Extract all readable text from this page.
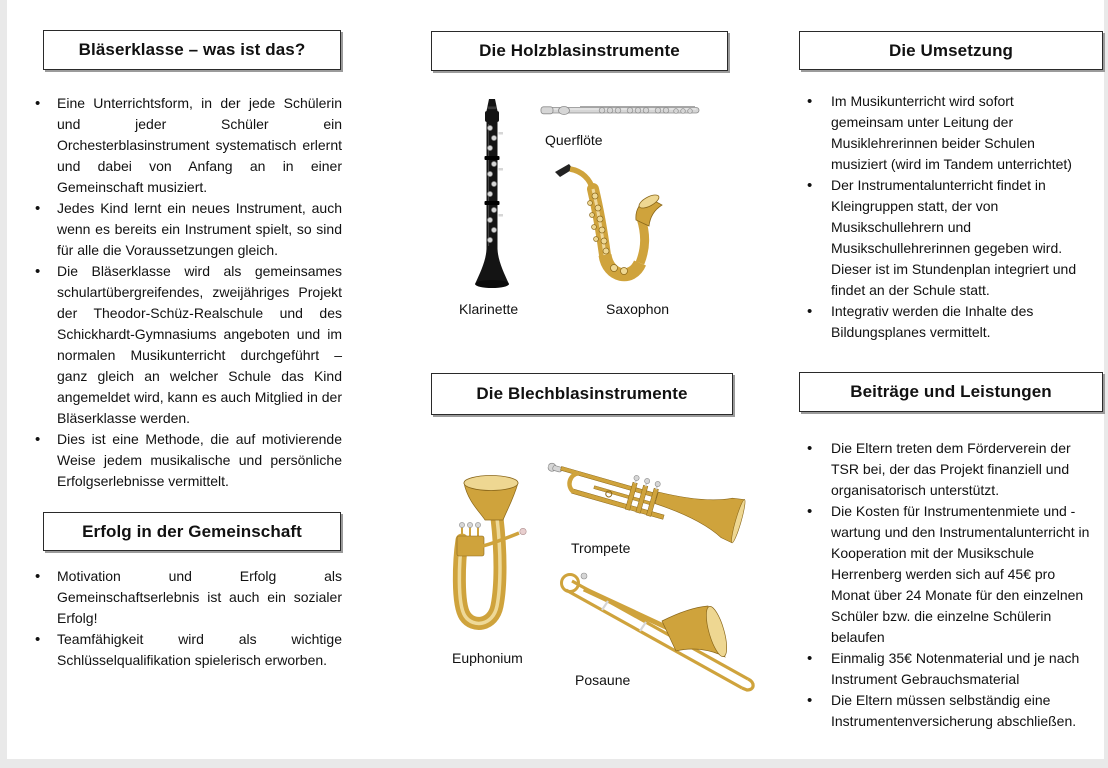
Bläserklasse – was ist das?
• Eine Unterrichtsform, in der jede Schülerin und jeder Schüler ein Orchesterblasinstrument systematisch erlernt und dabei von Anfang an in einer Gemeinschaft musiziert.
• Jedes Kind lernt ein neues Instrument, auch wenn es bereits ein Instrument spielt, so sind für alle die Voraussetzungen gleich.
• Die Bläserklasse wird als gemeinsames schulartübergreifendes, zweijähriges Projekt der Theodor-Schüz-Realschule und des Schickhardt-Gymnasiums angeboten und im normalen Musikunterricht durchgeführt – ganz gleich an welcher Schule das Kind angemeldet wird, kann es auch Mitglied in der Bläserklasse werden.
• Dies ist eine Methode, die auf motivierende Weise jedem musikalische und persönliche Erfolgserlebnisse vermittelt.
Erfolg in der Gemeinschaft
• Motivation und Erfolg als Gemeinschaftserlebnis ist auch ein sozialer Erfolg!
• Teamfähigkeit wird als wichtige Schlüsselqualifikation spielerisch erworben.
Die Holzblasinstrumente
Querflöte
Klarinette	Saxophon
Die Blechblasinstrumente
Trompete
Euphonium
Posaune
Die Umsetzung
• Im Musikunterricht wird sofort gemeinsam unter Leitung der Musiklehrerinnen beider Schulen musiziert (wird im Tandem unterrichtet)
• Der Instrumentalunterricht findet in Kleingruppen statt, der von Musikschullehrern und Musikschullehrerinnen gegeben wird. Dieser ist im Stundenplan integriert und findet an der Schule statt.
• Integrativ werden die Inhalte des Bildungsplanes vermittelt.
Beiträge und Leistungen
• Die Eltern treten dem Förderverein der TSR bei, der das Projekt finanziell und organisatorisch unterstützt.
• Die Kosten für Instrumentenmiete und -wartung und den Instrumentalunterricht in Kooperation mit der Musikschule Herrenberg werden sich auf 45€ pro Monat über 24 Monate für den einzelnen Schüler bzw. die einzelne Schülerin belaufen
• Einmalig 35€ Notenmaterial und je nach Instrument Gebrauchsmaterial
• Die Eltern müssen selbständig eine Instrumentenversicherung abschließen.
